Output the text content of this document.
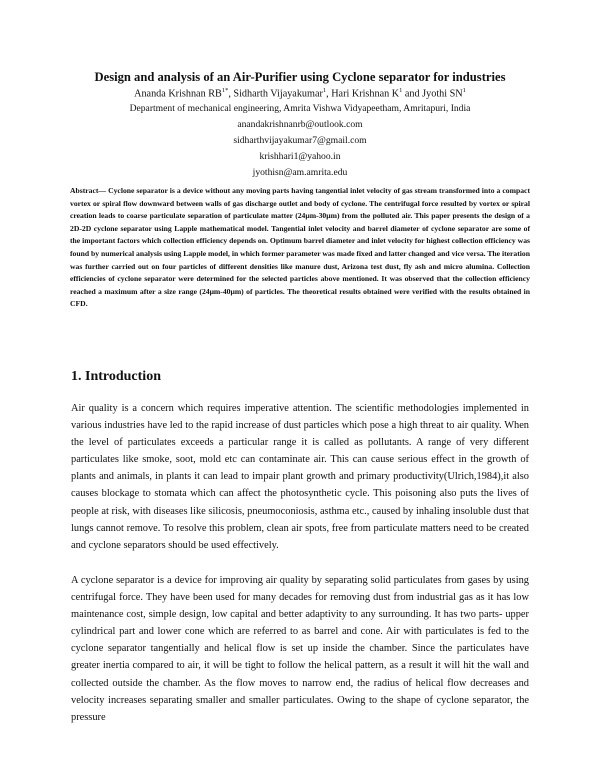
Design and analysis of an Air-Purifier using Cyclone separator for industries
Ananda Krishnan $RB^{1*}$, Sidharth Vijayakumar$^1$, Hari Krishnan $K^1$ and Jyothi $SN^1$
Department of mechanical engineering, Amrita Vishwa Vidyapeetham, Amritapuri, India
anandakrishnanrb@outlook.com
sidharthvijayakumar7@gmail.com
krishhari1@yahoo.in
jyothisn@am.amrita.edu

Abstract— Cyclone separator is a device without any moving parts having tangential inlet velocity of gas stream transformed into a compact vortex or spiral flow downward between walls of gas discharge outlet and body of cyclone. The centrifugal force resulted by vortex or spiral creation leads to coarse particulate separation of particulate matter (24μm-30μm) from the polluted air. This paper presents the design of a 2D-2D cyclone separator using Lapple mathematical model. Tangential inlet velocity and barrel diameter of cyclone separator are some of the important factors which collection efficiency depends on. Optimum barrel diameter and inlet velocity for highest collection efficiency was found by numerical analysis using Lapple model, in which former parameter was made fixed and latter changed and vice versa. The iteration was further carried out on four particles of different densities like manure dust, Arizona test dust, fly ash and micro alumina. Collection efficiencies of cyclone separator were determined for the selected particles above mentioned. It was observed that the collection efficiency reached a maximum after a size range (24μm-40μm) of particles. The theoretical results obtained were verified with the results obtained in CFD.

1. Introduction

Air quality is a concern which requires imperative attention. The scientific methodologies implemented in various industries have led to the rapid increase of dust particles which pose a high threat to air quality. When the level of particulates exceeds a particular range it is called as pollutants. A range of very different particulates like smoke, soot, mold etc can contaminate air. This can cause serious effect in the growth of plants and animals, in plants it can lead to impair plant growth and primary productivity(Ulrich,1984),it also causes blockage to stomata which can affect the photosynthetic cycle. This poisoning also puts the lives of people at risk, with diseases like silicosis, pneumoconiosis, asthma etc., caused by inhaling insoluble dust that lungs cannot remove. To resolve this problem, clean air spots, free from particulate matters need to be created and cyclone separators should be used effectively.

A cyclone separator is a device for improving air quality by separating solid particulates from gases by using centrifugal force. They have been used for many decades for removing dust from industrial gas as it has low maintenance cost, simple design, low capital and better adaptivity to any surrounding. It has two parts- upper cylindrical part and lower cone which are referred to as barrel and cone. Air with particulates is fed to the cyclone separator tangentially and helical flow is set up inside the chamber. Since the particulates have greater inertia compared to air, it will be tight to follow the helical pattern, as a result it will hit the wall and collected outside the chamber. As the flow moves to narrow end, the radius of helical flow decreases and velocity increases separating smaller and smaller particulates. Owing to the shape of cyclone separator, the pressure
